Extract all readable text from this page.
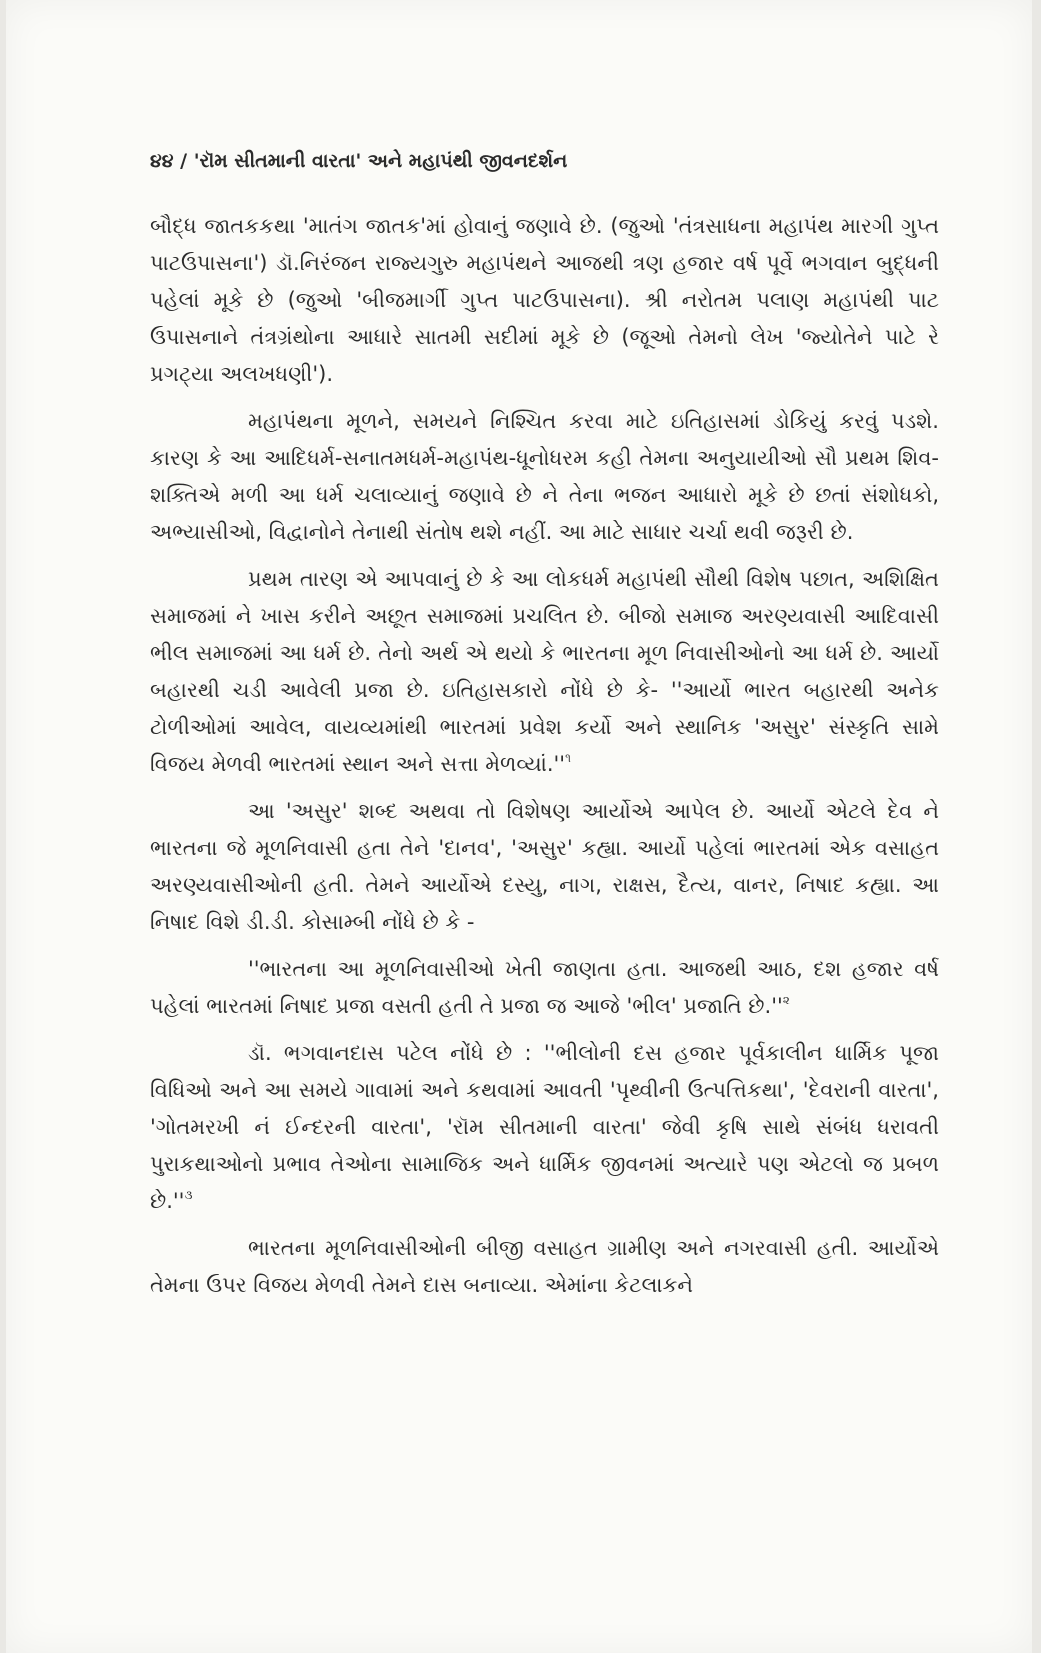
૪૪ / 'રૉમ સીતમાની વારતા' અને મહાપંથી જીવનદર્શન

બૌદ્ધ જાતકકથા 'માતંગ જાતક'માં હોવાનું જણાવે છે. (જુઓ 'તંત્રસાધના મહાપંથ મારગી ગુપ્ત પાટઉપાસના') ડૉ.નિરંજન રાજ્યગુરુ મહાપંથને આજથી ત્રણ હજાર વર્ષ પૂર્વે ભગવાન બુદ્ધની પહેલાં મૂકે છે (જુઓ 'બીજમાર્ગી ગુપ્ત પાટઉપાસના). શ્રી નરોતમ પલાણ મહાપંથી પાટ ઉપાસનાને તંત્રગ્રંથોના આધારે સાતમી સદીમાં મૂકે છે (જૂઓ તેમનો લેખ 'જ્યોતેને પાટે રે પ્રગટ્યા અલખધણી').

મહાપંથના મૂળને, સમયને નિશ્ચિત કરવા માટે ઇતિહાસમાં ડોકિયું કરવું પડશે. કારણ કે આ આદિધર્મ-સનાતમધર્મ-મહાપંથ-ધૂનોધરમ કહી તેમના અનુયાયીઓ સૌ પ્રથમ શિવ-શક્તિએ મળી આ ધર્મ ચલાવ્યાનું જણાવે છે ને તેના ભજન આધારો મૂકે છે છતાં સંશોધકો, અભ્યાસીઓ, વિદ્વાનોને તેનાથી સંતોષ થશે નહીં. આ માટે સાધાર ચર્ચા થવી જરૂરી છે.

પ્રથમ તારણ એ આપવાનું છે કે આ લોકધર્મ મહાપંથી સૌથી વિશેષ પછાત, અશિક્ષિત સમાજમાં ને ખાસ કરીને અછૂત સમાજમાં પ્રચલિત છે. બીજો સમાજ અરણ્યવાસી આદિવાસી ભીલ સમાજમાં આ ધર્મ છે. તેનો અર્થ એ થયો કે ભારતના મૂળ નિવાસીઓનો આ ધર્મ છે. આર્યો બહારથી ચડી આવેલી પ્રજા છે. ઇતિહાસકારો નોંધે છે કે- ''આર્યો ભારત બહારથી અનેક ટોળીઓમાં આવેલ, વાયવ્યમાંથી ભારતમાં પ્રવેશ કર્યો અને સ્થાનિક 'અસુર' સંસ્કૃતિ સામે વિજય મેળવી ભારતમાં સ્થાન અને સત્તા $મેળવ્યાં.''^૧$

આ 'અસુર' શબ્દ અથવા તો વિશેષણ આર્યોએ આપેલ છે. આર્યો એટલે દેવ ને ભારતના જે મૂળનિવાસી હતા તેને 'દાનવ', 'અસુર' કહ્યા. આર્યો પહેલાં ભારતમાં એક વસાહત અરણ્યવાસીઓની હતી. તેમને આર્યોએ દસ્યુ, નાગ, રાક્ષસ, દૈત્ય, વાનર, નિષાદ કહ્યા. આ નિષાદ વિશે ડી.ડી. કોસામ્બી નોંધે છે કે -

''ભારતના આ મૂળનિવાસીઓ ખેતી જાણતા હતા. આજથી આઠ, દશ હજાર વર્ષ પહેલાં ભારતમાં નિષાદ પ્રજા વસતી હતી તે પ્રજા જ આજે 'ભીલ' પ્રજાતિ $છે.''^૨$

ડૉ. ભગવાનદાસ પટેલ નોંધે છે : ''ભીલોની દસ હજાર પૂર્વકાલીન ધાર્મિક પૂજા વિધિઓ અને આ સમયે ગાવામાં અને કથવામાં આવતી 'પૃથ્વીની ઉત્પત્તિકથા', 'દેવરાની વારતા', 'ગોતમરખી નં ઈન્દરની વારતા', 'રૉમ સીતમાની વારતા' જેવી કૃષિ સાથે સંબંધ ધરાવતી પુરાકથાઓનો પ્રભાવ તેઓના સામાજિક અને ધાર્મિક જીવનમાં અત્યારે પણ એટલો જ પ્રબળ $છે.''^૩$

ભારતના મૂળનિવાસીઓની બીજી વસાહત ગ્રામીણ અને નગરવાસી હતી. આર્યોએ તેમના ઉપર વિજય મેળવી તેમને દાસ બનાવ્યા. એમાંના કેટલાકને
